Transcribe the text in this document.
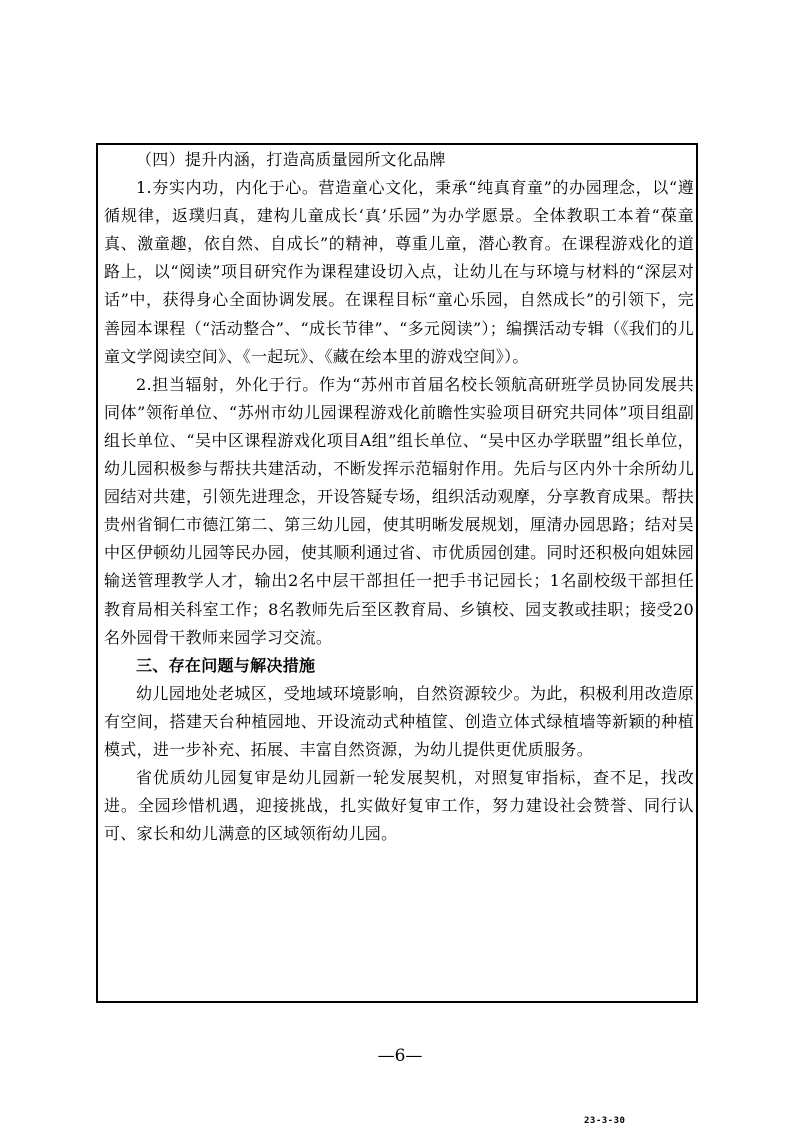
（四）提升内涵，打造高质量园所文化品牌

1.夯实内功，内化于心。营造童心文化，秉承“纯真育童”的办园理念，以“遵循规律，返璞归真，建构儿童成长‘真’乐园”为办学愿景。全体教职工本着“葆童真、激童趣，依自然、自成长”的精神，尊重儿童，潜心教育。在课程游戏化的道路上，以“阅读”项目研究作为课程建设切入点，让幼儿在与环境与材料的“深层对话”中，获得身心全面协调发展。在课程目标“童心乐园，自然成长”的引领下，完善园本课程（“活动整合”、“成长节律”、“多元阅读”）；编撰活动专辑（《我们的儿童文学阅读空间》、《一起玩》、《藏在绘本里的游戏空间》）。

2.担当辐射，外化于行。作为“苏州市首届名校长领航高研班学员协同发展共同体”领衔单位、“苏州市幼儿园课程游戏化前瞻性实验项目研究共同体”项目组副组长单位、“吴中区课程游戏化项目A组”组长单位、“吴中区办学联盟”组长单位，幼儿园积极参与帮扶共建活动，不断发挥示范辐射作用。先后与区内外十余所幼儿园结对共建，引领先进理念，开设答疑专场，组织活动观摩，分享教育成果。帮扶贵州省铜仁市德江第二、第三幼儿园，使其明晰发展规划，厘清办园思路；结对吴中区伊顿幼儿园等民办园，使其顺利通过省、市优质园创建。同时还积极向姐妹园输送管理教学人才，输出2名中层干部担任一把手书记园长；1名副校级干部担任教育局相关科室工作；8名教师先后至区教育局、乡镇校、园支教或挂职；接受20名外园骨干教师来园学习交流。

三、存在问题与解决措施

幼儿园地处老城区，受地域环境影响，自然资源较少。为此，积极利用改造原有空间，搭建天台种植园地、开设流动式种植筐、创造立体式绿植墙等新颖的种植模式，进一步补充、拓展、丰富自然资源，为幼儿提供更优质服务。

省优质幼儿园复审是幼儿园新一轮发展契机，对照复审指标，查不足，找改进。全园珍惜机遇，迎接挑战，扎实做好复审工作，努力建设社会赞誉、同行认可、家长和幼儿满意的区域领衔幼儿园。

—6—
23-3-30
